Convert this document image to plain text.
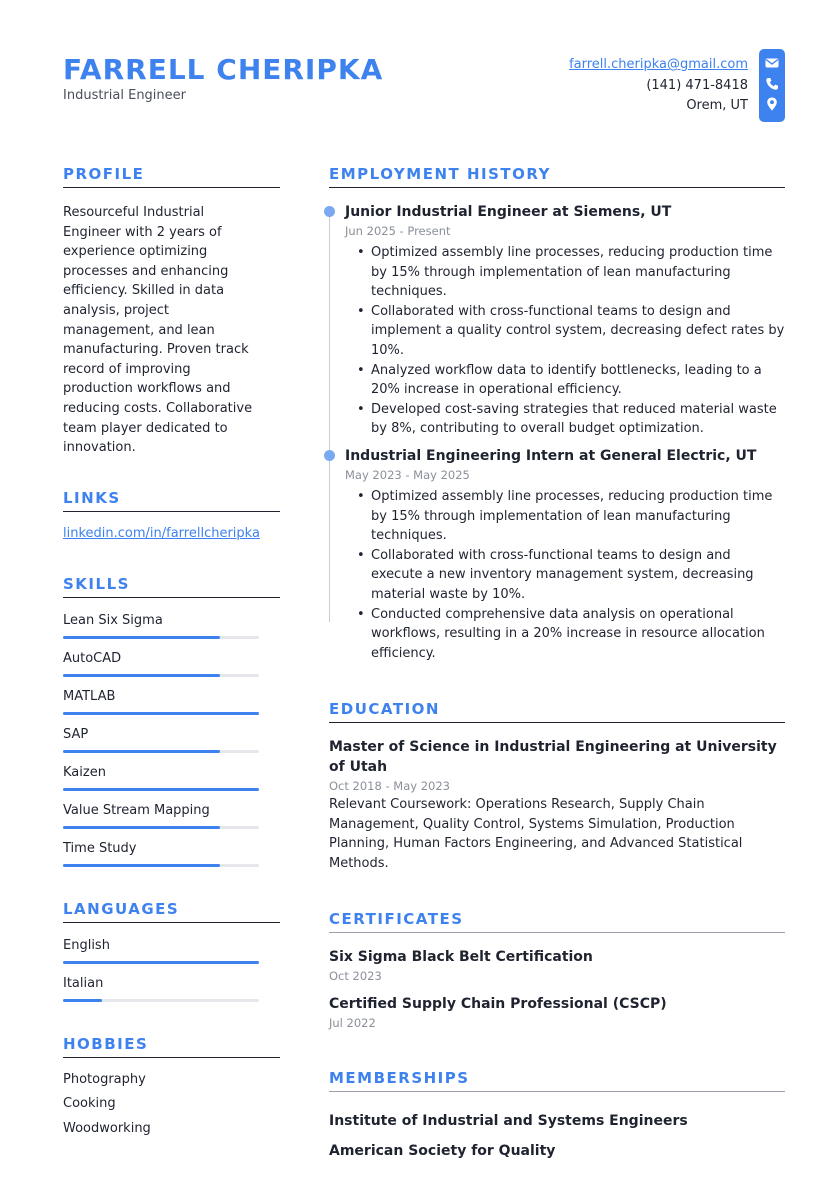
FARRELL CHERIPKA
Industrial Engineer
farrell.cheripka@gmail.com
(141) 471-8418
Orem, UT
PROFILE
Resourceful Industrial Engineer with 2 years of experience optimizing processes and enhancing efficiency. Skilled in data analysis, project management, and lean manufacturing. Proven track record of improving production workflows and reducing costs. Collaborative team player dedicated to innovation.
LINKS
linkedin.com/in/farrellcheripka
SKILLS
Lean Six Sigma
AutoCAD
MATLAB
SAP
Kaizen
Value Stream Mapping
Time Study
LANGUAGES
English
Italian
HOBBIES
Photography
Cooking
Woodworking
EMPLOYMENT HISTORY
Junior Industrial Engineer at Siemens, UT
Jun 2025 - Present
• Optimized assembly line processes, reducing production time by 15% through implementation of lean manufacturing techniques.
• Collaborated with cross-functional teams to design and implement a quality control system, decreasing defect rates by 10%.
• Analyzed workflow data to identify bottlenecks, leading to a 20% increase in operational efficiency.
• Developed cost-saving strategies that reduced material waste by 8%, contributing to overall budget optimization.
Industrial Engineering Intern at General Electric, UT
May 2023 - May 2025
• Optimized assembly line processes, reducing production time by 15% through implementation of lean manufacturing techniques.
• Collaborated with cross-functional teams to design and execute a new inventory management system, decreasing material waste by 10%.
• Conducted comprehensive data analysis on operational workflows, resulting in a 20% increase in resource allocation efficiency.
EDUCATION
Master of Science in Industrial Engineering at University of Utah
Oct 2018 - May 2023
Relevant Coursework: Operations Research, Supply Chain Management, Quality Control, Systems Simulation, Production Planning, Human Factors Engineering, and Advanced Statistical Methods.
CERTIFICATES
Six Sigma Black Belt Certification
Oct 2023
Certified Supply Chain Professional (CSCP)
Jul 2022
MEMBERSHIPS
Institute of Industrial and Systems Engineers
American Society for Quality
